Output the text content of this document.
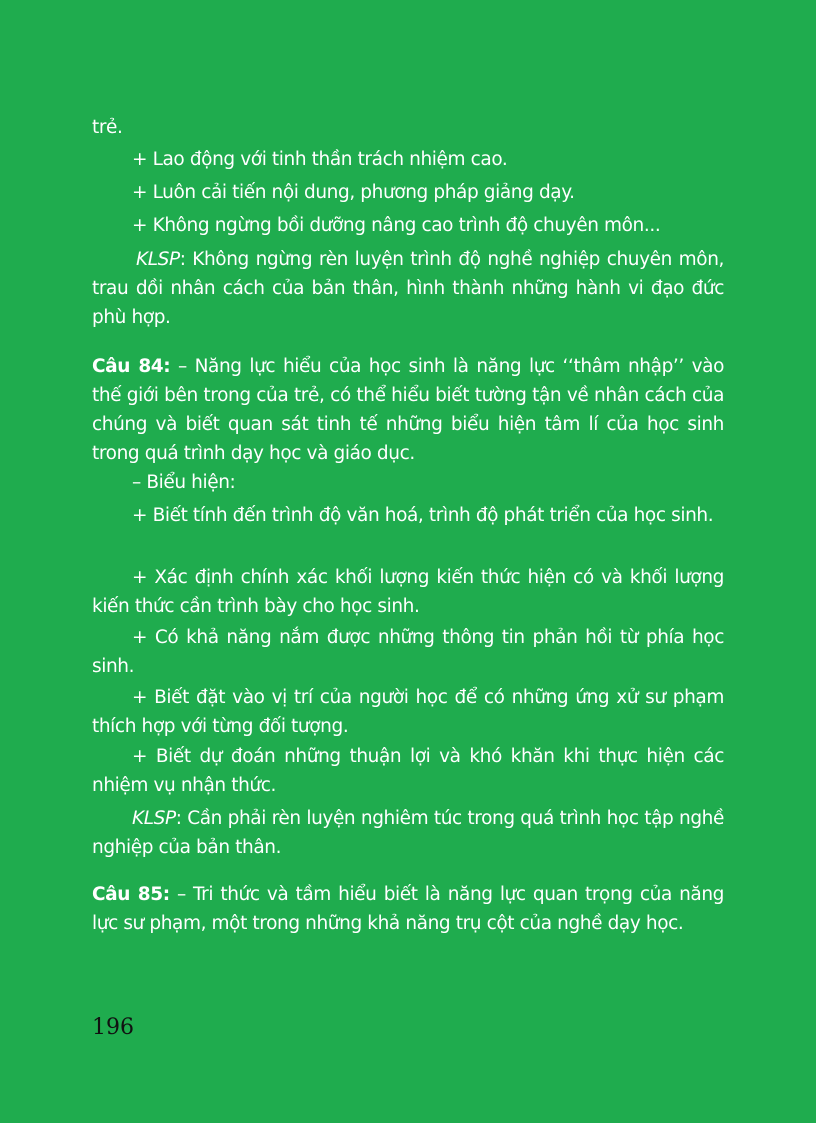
trẻ.

+ Lao động với tinh thần trách nhiệm cao.

+ Luôn cải tiến nội dung, phương pháp giảng dạy.

+ Không ngừng bồi dưỡng nâng cao trình độ chuyên môn...

KLSP: Không ngừng rèn luyện trình độ nghề nghiệp chuyên môn, trau dồi nhân cách của bản thân, hình thành những hành vi đạo đức phù hợp.

Câu 84: – Năng lực hiểu của học sinh là năng lực ‘‘thâm nhập’’ vào thế giới bên trong của trẻ, có thể hiểu biết tường tận về nhân cách của chúng và biết quan sát tinh tế những biểu hiện tâm lí của học sinh trong quá trình dạy học và giáo dục.

– Biểu hiện:

+ Biết tính đến trình độ văn hoá, trình độ phát triển của học sinh.

+ Xác định chính xác khối lượng kiến thức hiện có và khối lượng kiến thức cần trình bày cho học sinh.

+ Có khả năng nắm được những thông tin phản hồi từ phía học sinh.

+ Biết đặt vào vị trí của người học để có những ứng xử sư phạm thích hợp với từng đối tượng.

+ Biết dự đoán những thuận lợi và khó khăn khi thực hiện các nhiệm vụ nhận thức.

KLSP: Cần phải rèn luyện nghiêm túc trong quá trình học tập nghề nghiệp của bản thân.

Câu 85: – Tri thức và tầm hiểu biết là năng lực quan trọng của năng lực sư phạm, một trong những khả năng trụ cột của nghề dạy học.

196
